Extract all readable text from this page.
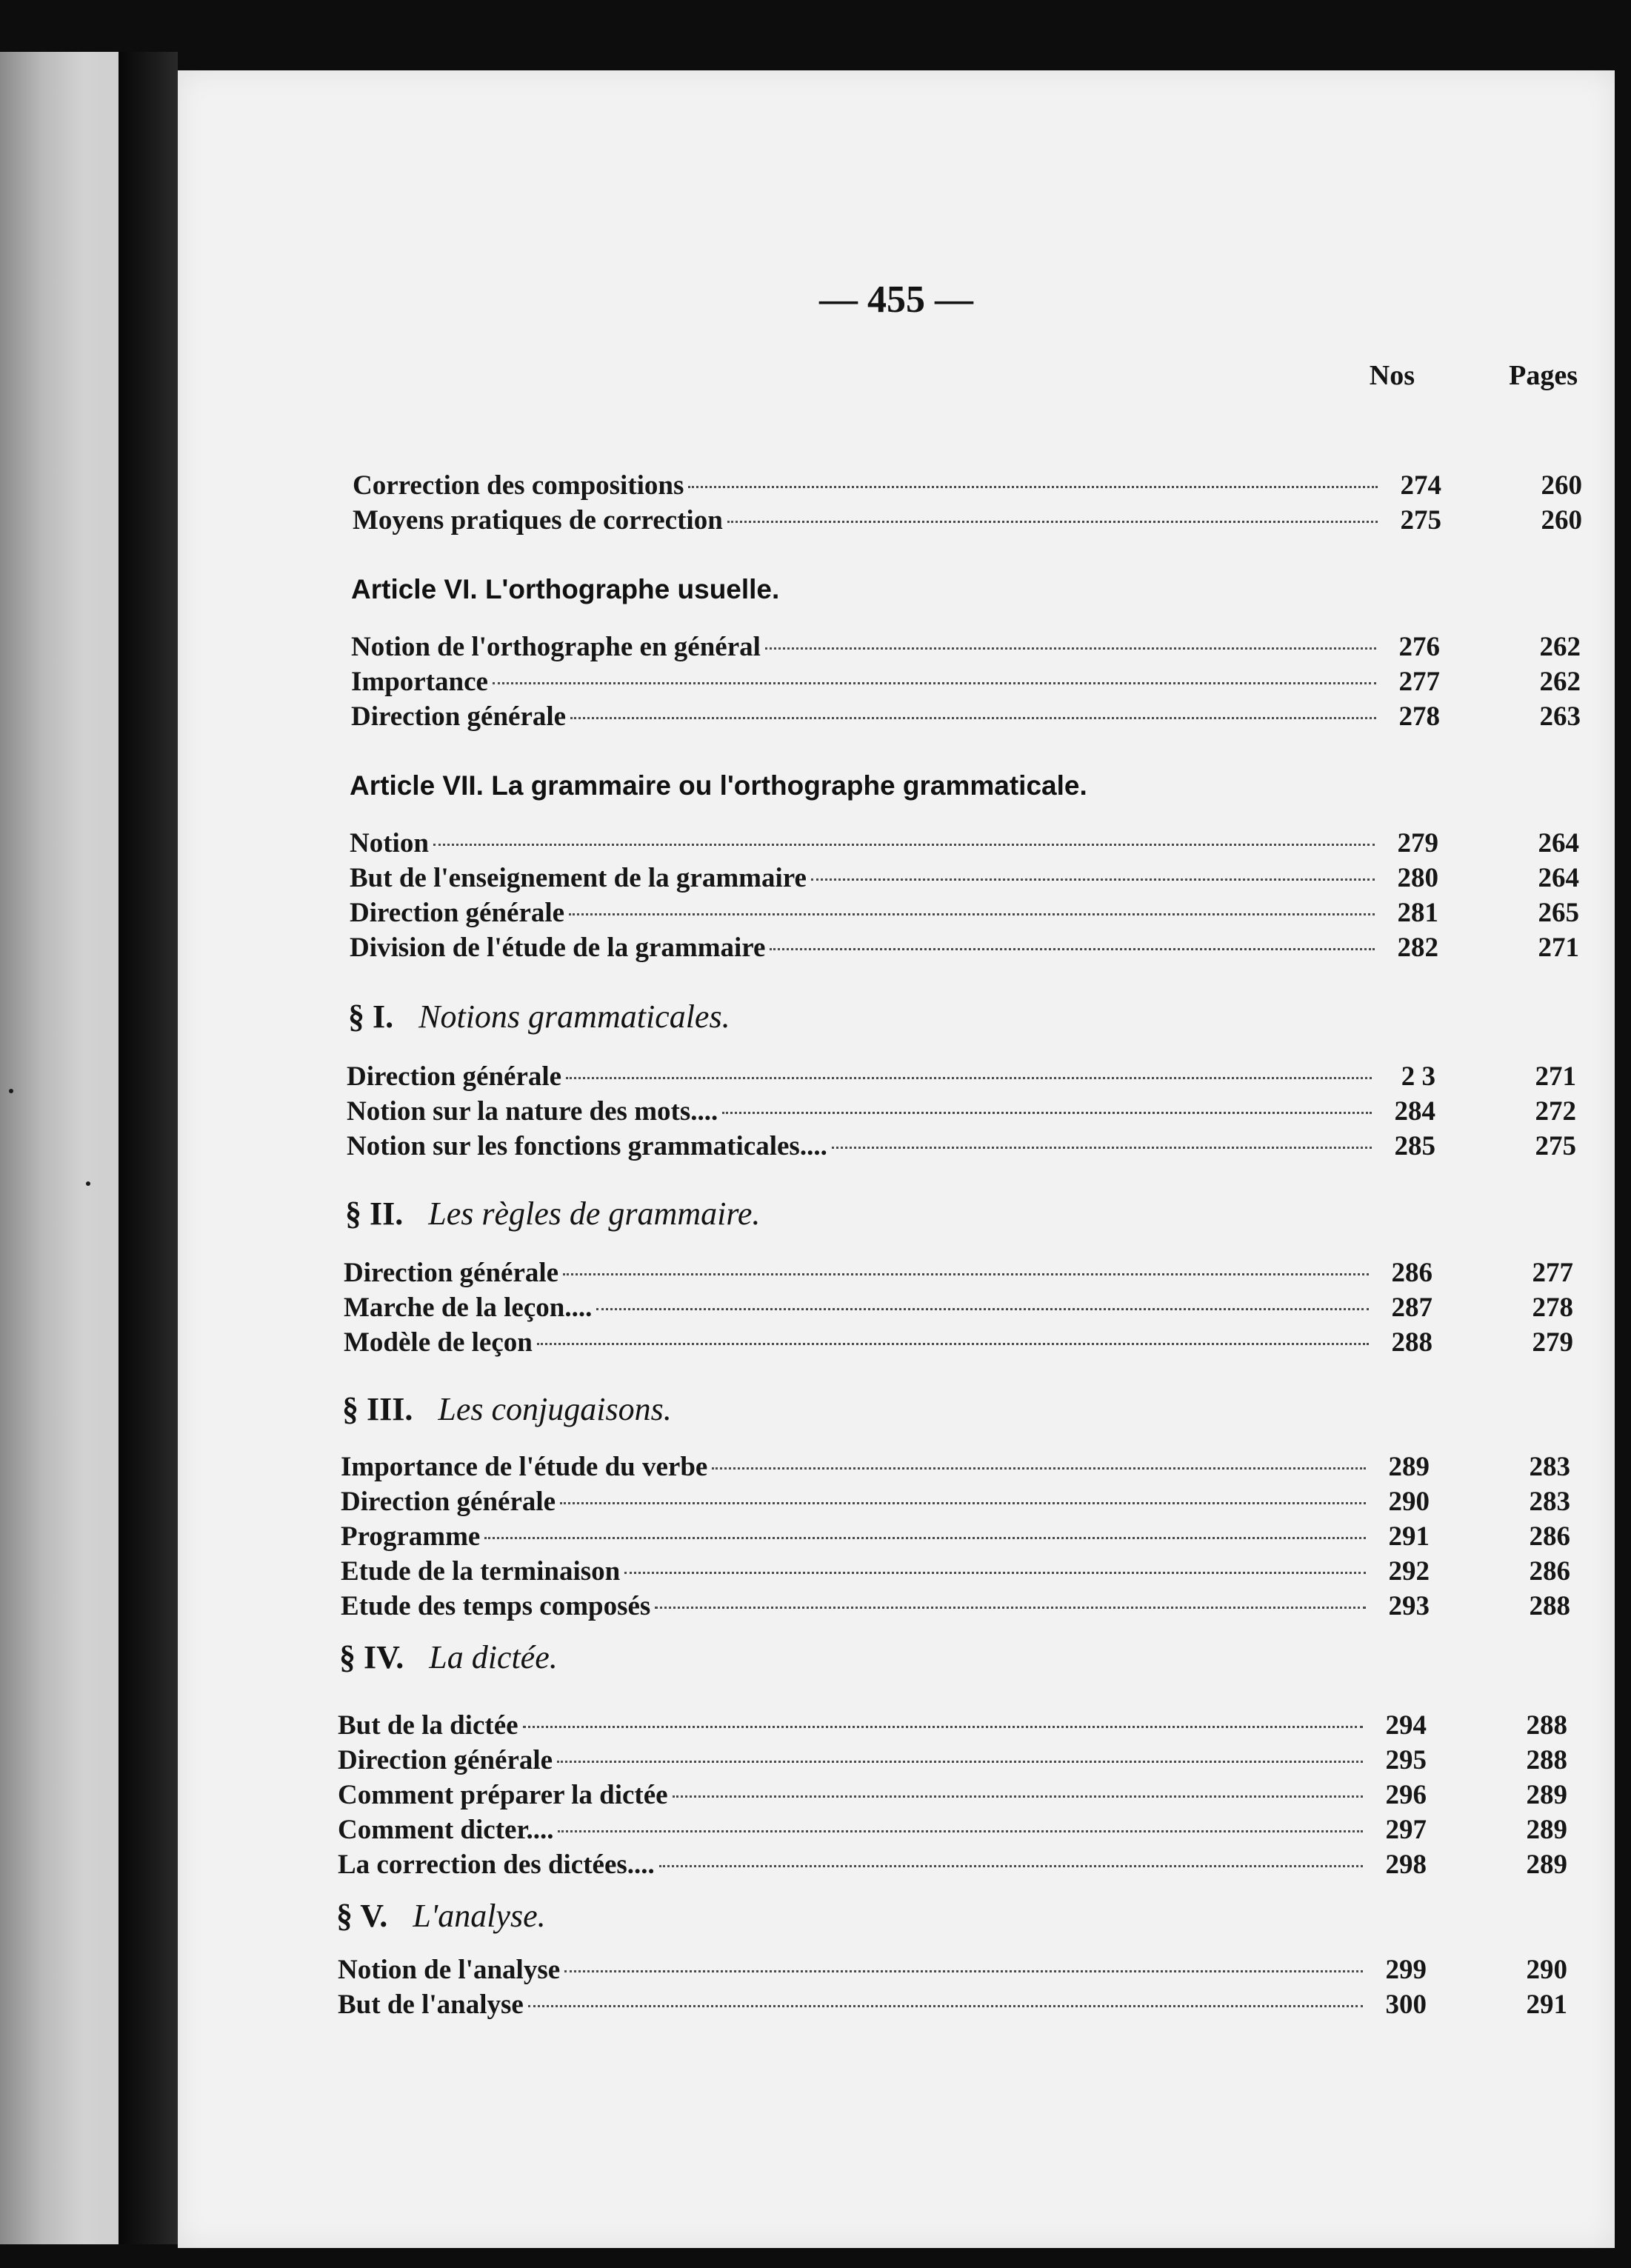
— 455 —
Nos	Pages
Correction des compositions	274	260
Moyens pratiques de correction	275	260
Article VI. L'orthographe usuelle.
Notion de l'orthographe en général	276	262
Importance	277	262
Direction générale	278	263
Article VII. La grammaire ou l'orthographe grammaticale.
Notion	279	264
But de l'enseignement de la grammaire	280	264
Direction générale	281	265
Division de l'étude de la grammaire	282	271
§ I. Notions grammaticales.
Direction générale	2 3	271
Notion sur la nature des mots....	284	272
Notion sur les fonctions grammaticales....	285	275
§ II. Les règles de grammaire.
Direction générale	286	277
Marche de la leçon....	287	278
Modèle de leçon	288	279
§ III. Les conjugaisons.
Importance de l'étude du verbe	289	283
Direction générale	290	283
Programme	291	286
Etude de la terminaison	292	286
Etude des temps composés	293	288
§ IV. La dictée.
But de la dictée	294	288
Direction générale	295	288
Comment préparer la dictée	296	289
Comment dicter....	297	289
La correction des dictées....	298	289
§ V. L'analyse.
Notion de l'analyse	299	290
But de l'analyse	300	291
